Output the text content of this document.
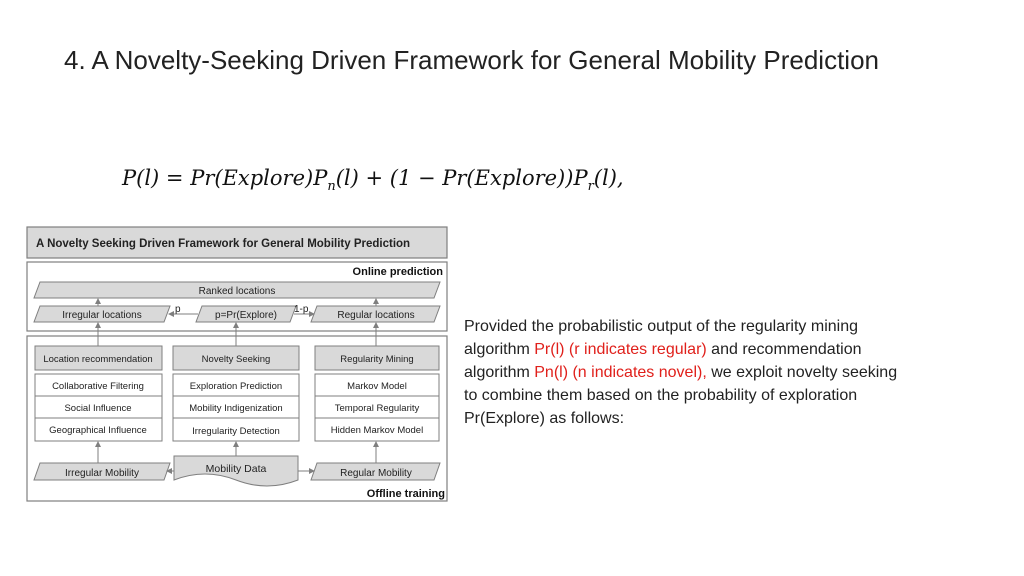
4. A Novelty-Seeking Driven Framework for General Mobility Prediction
$P(l) = Pr(Explore)P_n(l) + (1$ − $Pr(Explore))P_r(l)$,
A Novelty Seeking Driven Framework for General Mobility Prediction
Online prediction
Ranked locations
Irregular locations	p=Pr(Explore)	Regular locations
p	1-p
Location recommendation
Collaborative Filtering
Social Influence
Geographical Influence
Novelty Seeking
Exploration Prediction
Mobility Indigenization
Irregularity Detection
Regularity Mining
Markov Model
Temporal Regularity
Hidden Markov Model
Irregular Mobility	Mobility Data	Regular Mobility
Offline training
Provided the probabilistic output of the regularity mining algorithm Pr(l) (r indicates regular) and recommendation algorithm Pn(l) (n indicates novel), we exploit novelty seeking to combine them based on the probability of exploration Pr(Explore) as follows:
